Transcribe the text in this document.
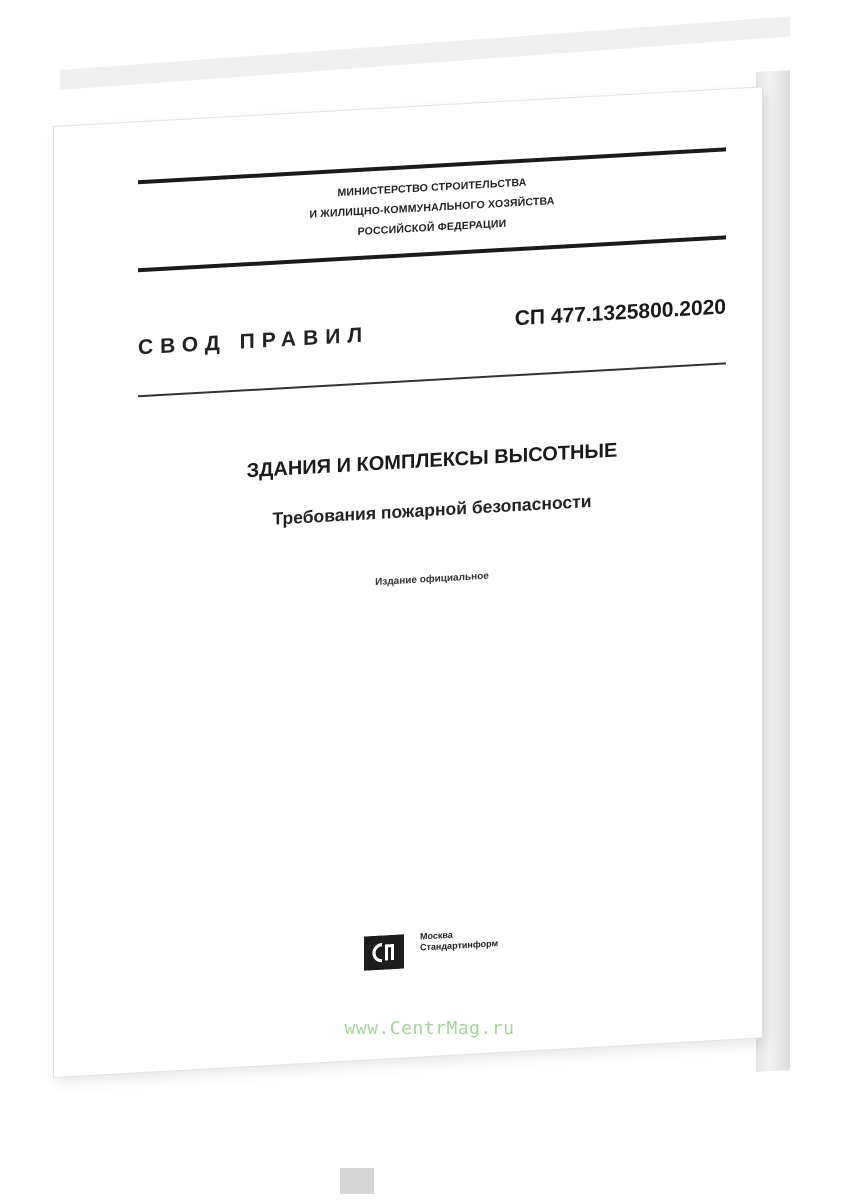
МИНИСТЕРСТВО СТРОИТЕЛЬСТВА
И ЖИЛИЩНО-КОММУНАЛЬНОГО ХОЗЯЙСТВА
РОССИЙСКОЙ ФЕДЕРАЦИИ
СВОД ПРАВИЛ
СП 477.1325800.2020
ЗДАНИЯ И КОМПЛЕКСЫ ВЫСОТНЫЕ
Требования пожарной безопасности
Издание официальное
Москва
Стандартинформ
www.CentrMag.ru
